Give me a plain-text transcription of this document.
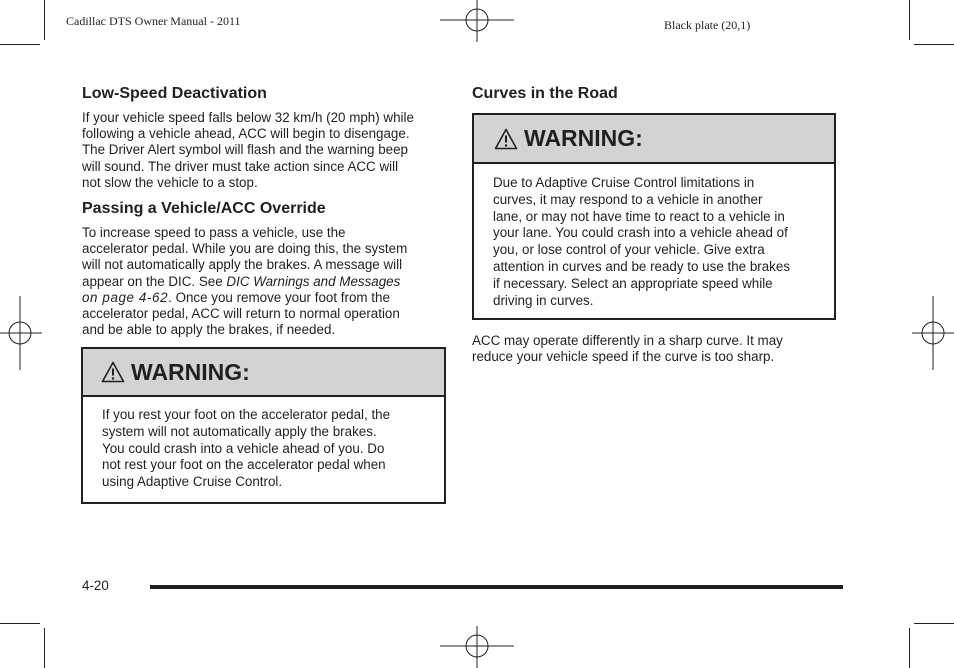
Cadillac DTS Owner Manual - 2011	Black plate (20,1)
Low-Speed Deactivation

If your vehicle speed falls below 32 km/h (20 mph) while

following a vehicle ahead, ACC will begin to disengage.

The Driver Alert symbol will flash and the warning beep

will sound. The driver must take action since ACC will

not slow the vehicle to a stop.

Passing a Vehicle/ACC Override

To increase speed to pass a vehicle, use the

accelerator pedal. While you are doing this, the system

will not automatically apply the brakes. A message will

appear on the DIC. See DIC Warnings and Messages

on page 4-62. Once you remove your foot from the

accelerator pedal, ACC will return to normal operation

and be able to apply the brakes, if needed.

WARNING:
If you rest your foot on the accelerator pedal, the
system will not automatically apply the brakes.
You could crash into a vehicle ahead of you. Do
not rest your foot on the accelerator pedal when
using Adaptive Cruise Control.
Curves in the Road
WARNING:
Due to Adaptive Cruise Control limitations in
curves, it may respond to a vehicle in another
lane, or may not have time to react to a vehicle in
your lane. You could crash into a vehicle ahead of
you, or lose control of your vehicle. Give extra
attention in curves and be ready to use the brakes
if necessary. Select an appropriate speed while
driving in curves.

ACC may operate differently in a sharp curve. It may

reduce your vehicle speed if the curve is too sharp.

4-20
